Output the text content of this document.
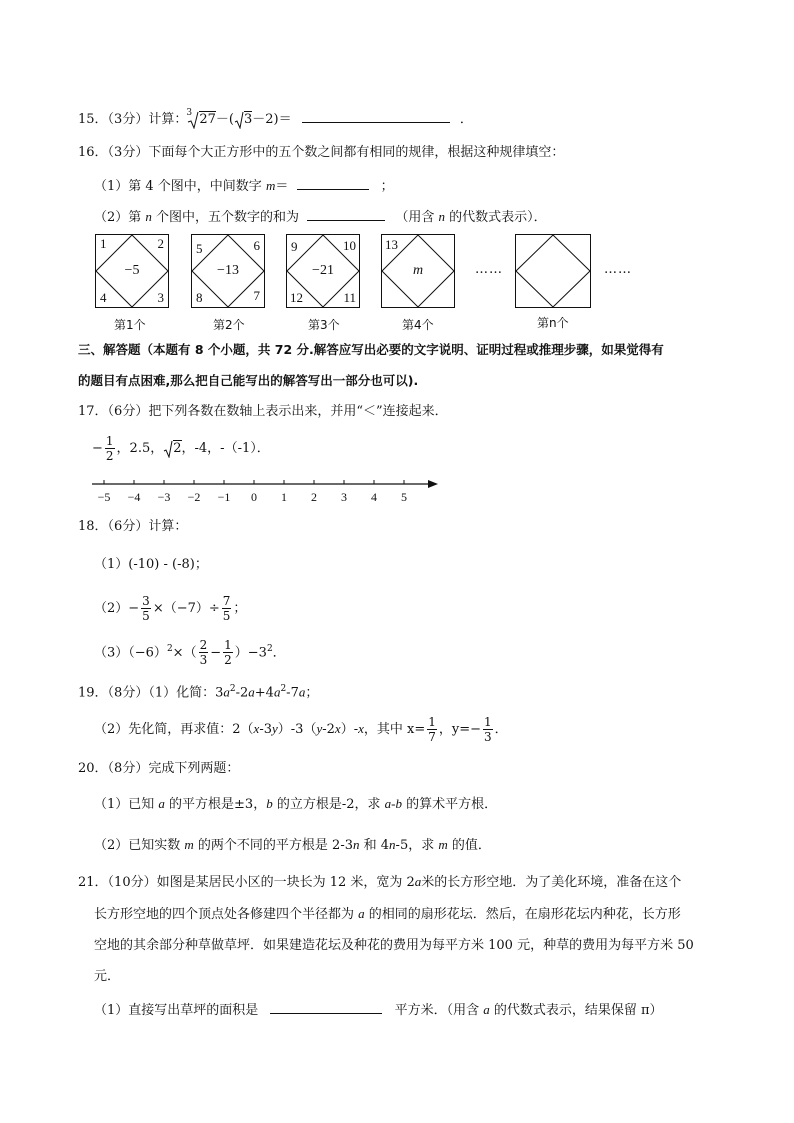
15．（3分）计算： 3 27－( 3－2)＝	．
16．（3分）下面每个大正方形中的五个数之间都有相同的规律，根据这种规律填空：
（1）第 4 个图中，中间数字 m＝	；
（2）第 n 个图中，五个数字的和为	（用含 n 的代数式表示）．
1	2
4	3
−5
第1个
5	6
8	7
−13
第2个
9	10
12	11
−21
第3个
13
m
第4个
……
第n个
……
三、解答题（本题有 8 个小题，共 72 分.解答应写出必要的文字说明、证明过程或推理步骤，如果觉得有
的题目有点困难,那么把自己能写出的解答写出一部分也可以).
17．（6分）把下列各数在数轴上表示出来，并用“＜”连接起来．
− $\frac{1}{2}$ ，2.5， 2，-4，-（-1）．
−5 −4 −3 −2 −1	0	1	2	3	4	5
18．（6分）计算：
（1）(-10) - (-8)；
$(2)- \frac{3}{5} \times(-7)\div \frac{7}{5}$ ；
$(3)(-6)^2\times( \frac{2}{3} - \frac{1}{2} )-3^2$．
19．（8分）（1）化简：$3a^2-2a+4a^2-7a$；
（2）先化简，再求值：2（x-3y）-3（y-2x）-x，其中 $x= \frac{1}{7}$ ，$y=- \frac{1}{3}$ ．
20．（8分）完成下列两题：
（1）已知 a 的平方根是±3，b 的立方根是-2，求 a-b 的算术平方根．
（2）已知实数 m 的两个不同的平方根是 2-3n 和 4n-5，求 m 的值．
21．（10分）如图是某居民小区的一块长为 12 米，宽为 2a米的长方形空地．为了美化环境，准备在这个
长方形空地的四个顶点处各修建四个半径都为 a 的相同的扇形花坛．然后，在扇形花坛内种花，长方形
空地的其余部分种草做草坪．如果建造花坛及种花的费用为每平方米 100 元，种草的费用为每平方米 50
元．
（1）直接写出草坪的面积是	平方米．（用含 a 的代数式表示，结果保留 π）
